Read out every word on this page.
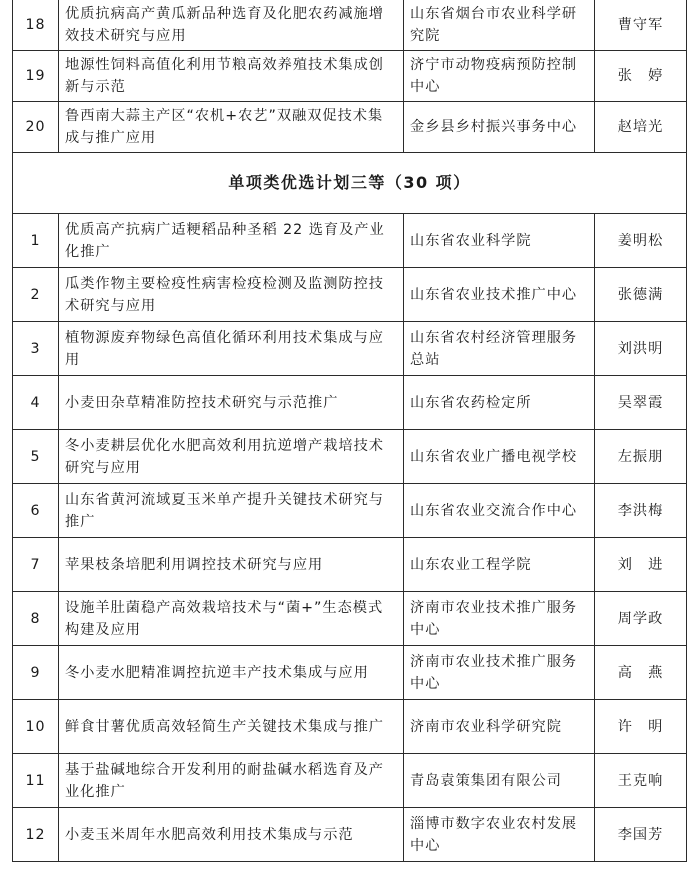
18	优质抗病高产黄瓜新品种选育及化肥农药减施增效技术研究与应用	山东省烟台市农业科学研究院	曹守军
19	地源性饲料高值化利用节粮高效养殖技术集成创新与示范	济宁市动物疫病预防控制中心	张　婷
20	鲁西南大蒜主产区“农机+农艺”双融双促技术集成与推广应用	金乡县乡村振兴事务中心	赵培光
单项类优选计划三等（30 项）			
1	优质高产抗病广适粳稻品种圣稻 22 选育及产业化推广	山东省农业科学院	姜明松
2	瓜类作物主要检疫性病害检疫检测及监测防控技术研究与应用	山东省农业技术推广中心	张德满
3	植物源废弃物绿色高值化循环利用技术集成与应用	山东省农村经济管理服务总站	刘洪明
4	小麦田杂草精准防控技术研究与示范推广	山东省农药检定所	吴翠霞
5	冬小麦耕层优化水肥高效利用抗逆增产栽培技术研究与应用	山东省农业广播电视学校	左振朋
6	山东省黄河流域夏玉米单产提升关键技术研究与推广	山东省农业交流合作中心	李洪梅
7	苹果枝条培肥利用调控技术研究与应用	山东农业工程学院	刘　进
8	设施羊肚菌稳产高效栽培技术与“菌+”生态模式构建及应用	济南市农业技术推广服务中心	周学政
9	冬小麦水肥精准调控抗逆丰产技术集成与应用	济南市农业技术推广服务中心	高　燕
10	鲜食甘薯优质高效轻简生产关键技术集成与推广	济南市农业科学研究院	许　明
11	基于盐碱地综合开发利用的耐盐碱水稻选育及产业化推广	青岛袁策集团有限公司	王克响
12	小麦玉米周年水肥高效利用技术集成与示范	淄博市数字农业农村发展中心	李国芳
